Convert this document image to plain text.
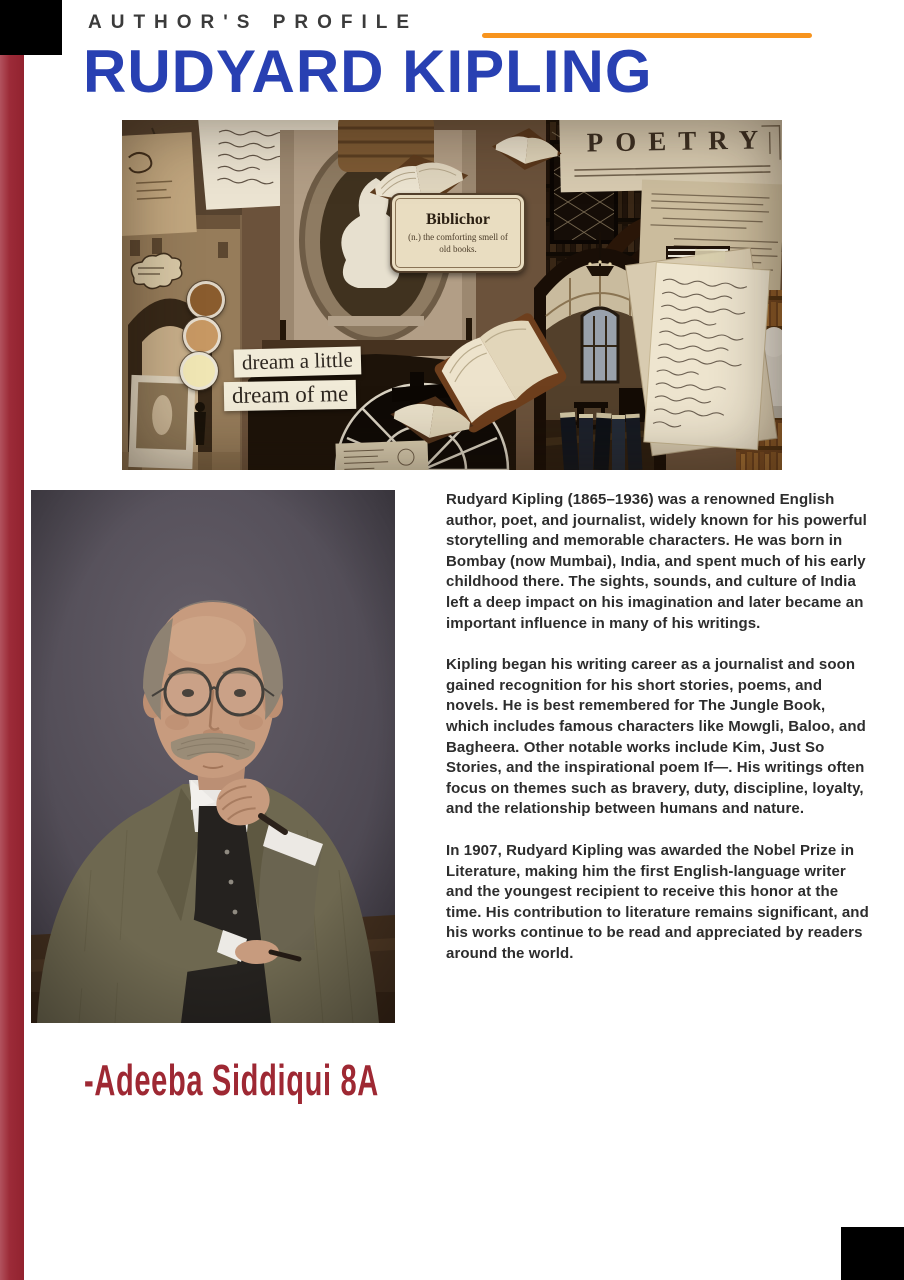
AUTHOR'S PROFILE
RUDYARD KIPLING
POETRY
Biblichor
(n.) the comforting smell of old books.
dream a little
dream of me

Rudyard Kipling (1865–1936) was a renowned English author, poet, and journalist, widely known for his powerful storytelling and memorable characters. He was born in Bombay (now Mumbai), India, and spent much of his early childhood there. The sights, sounds, and culture of India left a deep impact on his imagination and later became an important influence in many of his writings.

Kipling began his writing career as a journalist and soon gained recognition for his short stories, poems, and novels. He is best remembered for The Jungle Book, which includes famous characters like Mowgli, Baloo, and Bagheera. Other notable works include Kim, Just So Stories, and the inspirational poem If—. His writings often focus on themes such as bravery, duty, discipline, loyalty, and the relationship between humans and nature.

In 1907, Rudyard Kipling was awarded the Nobel Prize in Literature, making him the first English-language writer and the youngest recipient to receive this honor at the time. His contribution to literature remains significant, and his works continue to be read and appreciated by readers around the world.

-Adeeba Siddiqui 8A
